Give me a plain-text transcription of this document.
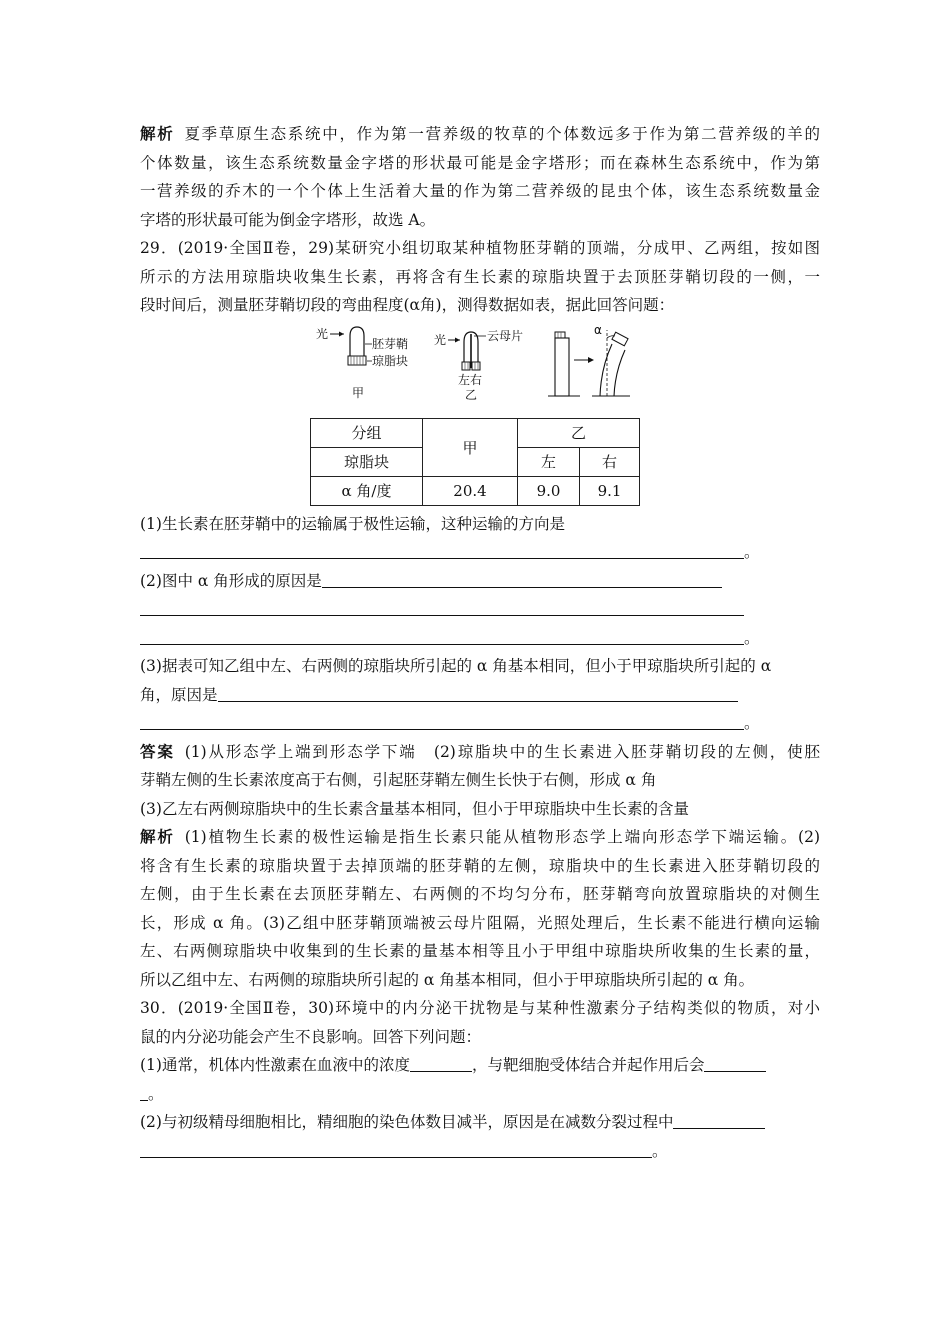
解析 夏季草原生态系统中，作为第一营养级的牧草的个体数远多于作为第二营养级的羊的
个体数量，该生态系统数量金字塔的形状最可能是金字塔形；而在森林生态系统中，作为第
一营养级的乔木的一个个体上生活着大量的作为第二营养级的昆虫个体，该生态系统数量金
字塔的形状最可能为倒金字塔形，故选 A。
29．(2019·全国Ⅱ卷，29)某研究小组切取某种植物胚芽鞘的顶端，分成甲、乙两组，按如图
所示的方法用琼脂块收集生长素，再将含有生长素的琼脂块置于去顶胚芽鞘切段的一侧，一
段时间后，测量胚芽鞘切段的弯曲程度(α角)，测得数据如表，据此回答问题：
光
胚芽鞘
琼脂块
甲
光	云母片
左右
乙
α
分组	甲	乙	
琼脂块		左	右
α 角/度	20.4	9.0	9.1
(1)生长素在胚芽鞘中的运输属于极性运输，这种运输的方向是
。
(2)图中 α 角形成的原因是
。
(3)据表可知乙组中左、右两侧的琼脂块所引起的 α 角基本相同，但小于甲琼脂块所引起的 α
角，原因是
。
答案 (1)从形态学上端到形态学下端　(2)琼脂块中的生长素进入胚芽鞘切段的左侧，使胚
芽鞘左侧的生长素浓度高于右侧，引起胚芽鞘左侧生长快于右侧，形成 α 角
(3)乙左右两侧琼脂块中的生长素含量基本相同，但小于甲琼脂块中生长素的含量
解析 (1)植物生长素的极性运输是指生长素只能从植物形态学上端向形态学下端运输。(2)
将含有生长素的琼脂块置于去掉顶端的胚芽鞘的左侧，琼脂块中的生长素进入胚芽鞘切段的
左侧，由于生长素在去顶胚芽鞘左、右两侧的不均匀分布，胚芽鞘弯向放置琼脂块的对侧生
长，形成 α 角。(3)乙组中胚芽鞘顶端被云母片阻隔，光照处理后，生长素不能进行横向运输
左、右两侧琼脂块中收集到的生长素的量基本相等且小于甲组中琼脂块所收集的生长素的量，
所以乙组中左、右两侧的琼脂块所引起的 α 角基本相同，但小于甲琼脂块所引起的 α 角。
30．(2019·全国Ⅱ卷，30)环境中的内分泌干扰物是与某种性激素分子结构类似的物质，对小
鼠的内分泌功能会产生不良影响。回答下列问题：
(1)通常，机体内性激素在血液中的浓度	，与靶细胞受体结合并起作用后会
。
(2)与初级精母细胞相比，精细胞的染色体数目减半，原因是在减数分裂过程中
。
